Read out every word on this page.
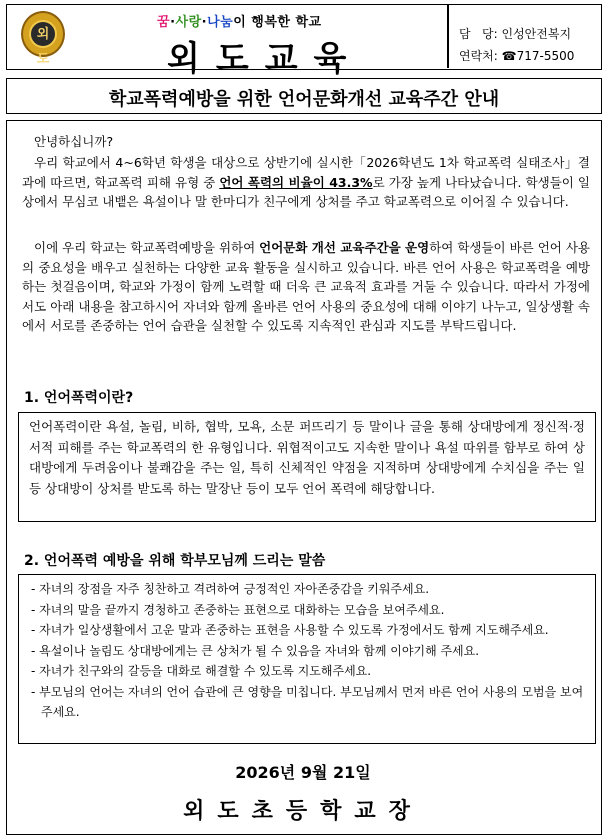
외도
꿈·사랑·나눔이 행복한 학교
외도교육
담   당: 인성안전복지
연락처: ☎717-5500
학교폭력예방을 위한 언어문화개선 교육주간 안내
안녕하십니까?
우리 학교에서 4~6학년 학생을 대상으로 상반기에 실시한「2026학년도 1차 학교폭력 실태조사」결과에 따르면, 학교폭력 피해 유형 중 언어 폭력의 비율이 43.3%로 가장 높게 나타났습니다. 학생들이 일상에서 무심코 내뱉은 욕설이나 말 한마디가 친구에게 상처를 주고 학교폭력으로 이어질 수 있습니다.
이에 우리 학교는 학교폭력예방을 위하여 언어문화 개선 교육주간을 운영하여 학생들이 바른 언어 사용의 중요성을 배우고 실천하는 다양한 교육 활동을 실시하고 있습니다. 바른 언어 사용은 학교폭력을 예방하는 첫걸음이며, 학교와 가정이 함께 노력할 때 더욱 큰 교육적 효과를 거둘 수 있습니다. 따라서 가정에서도 아래 내용을 참고하시어 자녀와 함께 올바른 언어 사용의 중요성에 대해 이야기 나누고, 일상생활 속에서 서로를 존중하는 언어 습관을 실천할 수 있도록 지속적인 관심과 지도를 부탁드립니다.
1. 언어폭력이란?
언어폭력이란 욕설, 놀림, 비하, 협박, 모욕, 소문 퍼뜨리기 등 말이나 글을 통해 상대방에게 정신적·정서적 피해를 주는 학교폭력의 한 유형입니다. 위협적이고도 지속한 말이나 욕설 따위를 함부로 하여 상대방에게 두려움이나 불쾌감을 주는 일, 특히 신체적인 약점을 지적하며 상대방에게 수치심을 주는 일 등 상대방이 상처를 받도록 하는 말장난 등이 모두 언어 폭력에 해당합니다.
2. 언어폭력 예방을 위해 학부모님께 드리는 말씀
- 자녀의 장점을 자주 칭찬하고 격려하여 긍정적인 자아존중감을 키워주세요.
- 자녀의 말을 끝까지 경청하고 존중하는 표현으로 대화하는 모습을 보여주세요.
- 자녀가 일상생활에서 고운 말과 존중하는 표현을 사용할 수 있도록 가정에서도 함께 지도해주세요.
- 욕설이나 놀림도 상대방에게는 큰 상처가 될 수 있음을 자녀와 함께 이야기해 주세요.
- 자녀가 친구와의 갈등을 대화로 해결할 수 있도록 지도해주세요.
- 부모님의 언어는 자녀의 언어 습관에 큰 영향을 미칩니다. 부모님께서 먼저 바른 언어 사용의 모범을 보여주세요.
2026년 9월 21일
외도초등학교장
